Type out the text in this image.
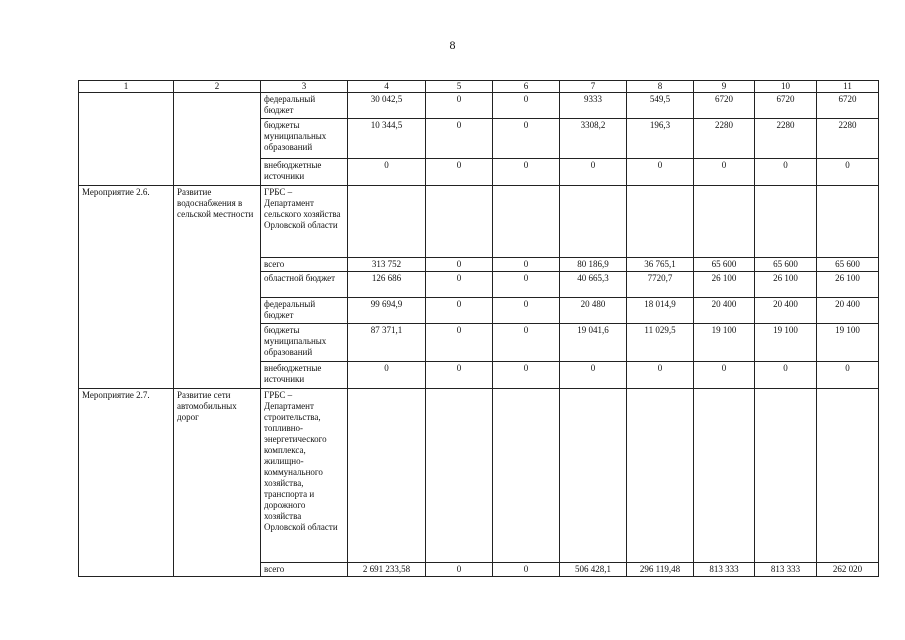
8
1	2	3	4	5	6	7	8	9	10	11
		федеральный бюджет	30 042,5	0	0	9333	549,5	6720	6720	6720
		бюджеты муниципальных образований	10 344,5	0	0	3308,2	196,3	2280	2280	2280
		внебюджетные источники	0	0	0	0	0	0	0	0
Мероприятие 2.6.	Развитие водоснабжения в сельской местности	ГРБС – Департамент сельского хозяйства Орловской области								
		всего	313 752	0	0	80 186,9	36 765,1	65 600	65 600	65 600
		областной бюджет	126 686	0	0	40 665,3	7720,7	26 100	26 100	26 100
		федеральный бюджет	99 694,9	0	0	20 480	18 014,9	20 400	20 400	20 400
		бюджеты муниципальных образований	87 371,1	0	0	19 041,6	11 029,5	19 100	19 100	19 100
		внебюджетные источники	0	0	0	0	0	0	0	0
Мероприятие 2.7.	Развитие сети автомобильных дорог	ГРБС – Департамент строительства, топливно-энергетического комплекса, жилищно-коммунального хозяйства, транспорта и дорожного хозяйства Орловской области								
		всего	2 691 233,58	0	0	506 428,1	296 119,48	813 333	813 333	262 020
